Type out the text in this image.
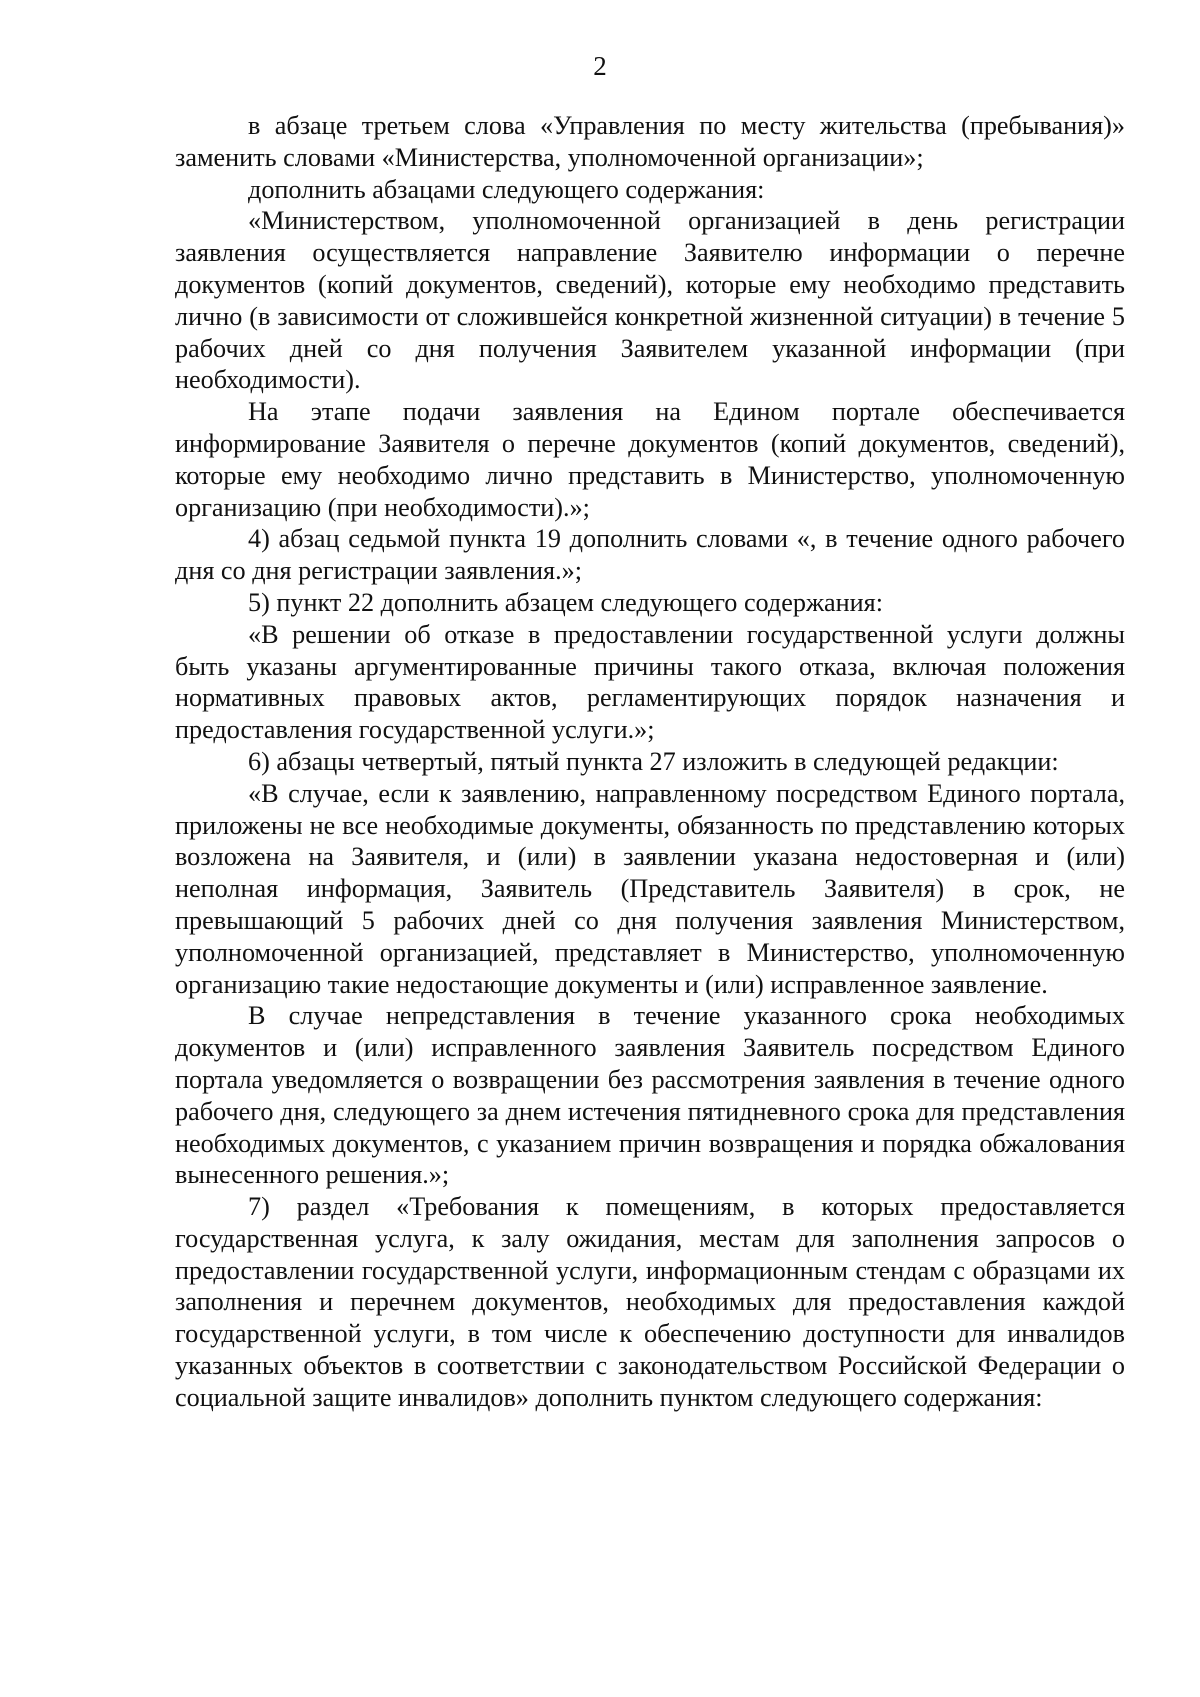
2

в абзаце третьем слова «Управления по месту жительства (пребывания)» заменить словами «Министерства, уполномоченной организации»;

дополнить абзацами следующего содержания:

«Министерством, уполномоченной организацией в день регистрации заявления осуществляется направление Заявителю информации о перечне документов (копий документов, сведений), которые ему необходимо представить лично (в зависимости от сложившейся конкретной жизненной ситуации) в течение 5 рабочих дней со дня получения Заявителем указанной информации (при необходимости).

На этапе подачи заявления на Едином портале обеспечивается информирование Заявителя о перечне документов (копий документов, сведений), которые ему необходимо лично представить в Министерство, уполномоченную организацию (при необходимости).»;

4) абзац седьмой пункта 19 дополнить словами «, в течение одного рабочего дня со дня регистрации заявления.»;

5) пункт 22 дополнить абзацем следующего содержания:

«В решении об отказе в предоставлении государственной услуги должны быть указаны аргументированные причины такого отказа, включая положения нормативных правовых актов, регламентирующих порядок назначения и предоставления государственной услуги.»;

6) абзацы четвертый, пятый пункта 27 изложить в следующей редакции:

«В случае, если к заявлению, направленному посредством Единого портала, приложены не все необходимые документы, обязанность по представлению которых возложена на Заявителя, и (или) в заявлении указана недостоверная и (или) неполная информация, Заявитель (Представитель Заявителя) в срок, не превышающий 5 рабочих дней со дня получения заявления Министерством, уполномоченной организацией, представляет в Министерство, уполномоченную организацию такие недостающие документы и (или) исправленное заявление.

В случае непредставления в течение указанного срока необходимых документов и (или) исправленного заявления Заявитель посредством Единого портала уведомляется о возвращении без рассмотрения заявления в течение одного рабочего дня, следующего за днем истечения пятидневного срока для представления необходимых документов, с указанием причин возвращения и порядка обжалования вынесенного решения.»;

7) раздел «Требования к помещениям, в которых предоставляется государственная услуга, к залу ожидания, местам для заполнения запросов о предоставлении государственной услуги, информационным стендам с образцами их заполнения и перечнем документов, необходимых для предоставления каждой государственной услуги, в том числе к обеспечению доступности для инвалидов указанных объектов в соответствии с законодательством Российской Федерации о социальной защите инвалидов» дополнить пунктом следующего содержания:
